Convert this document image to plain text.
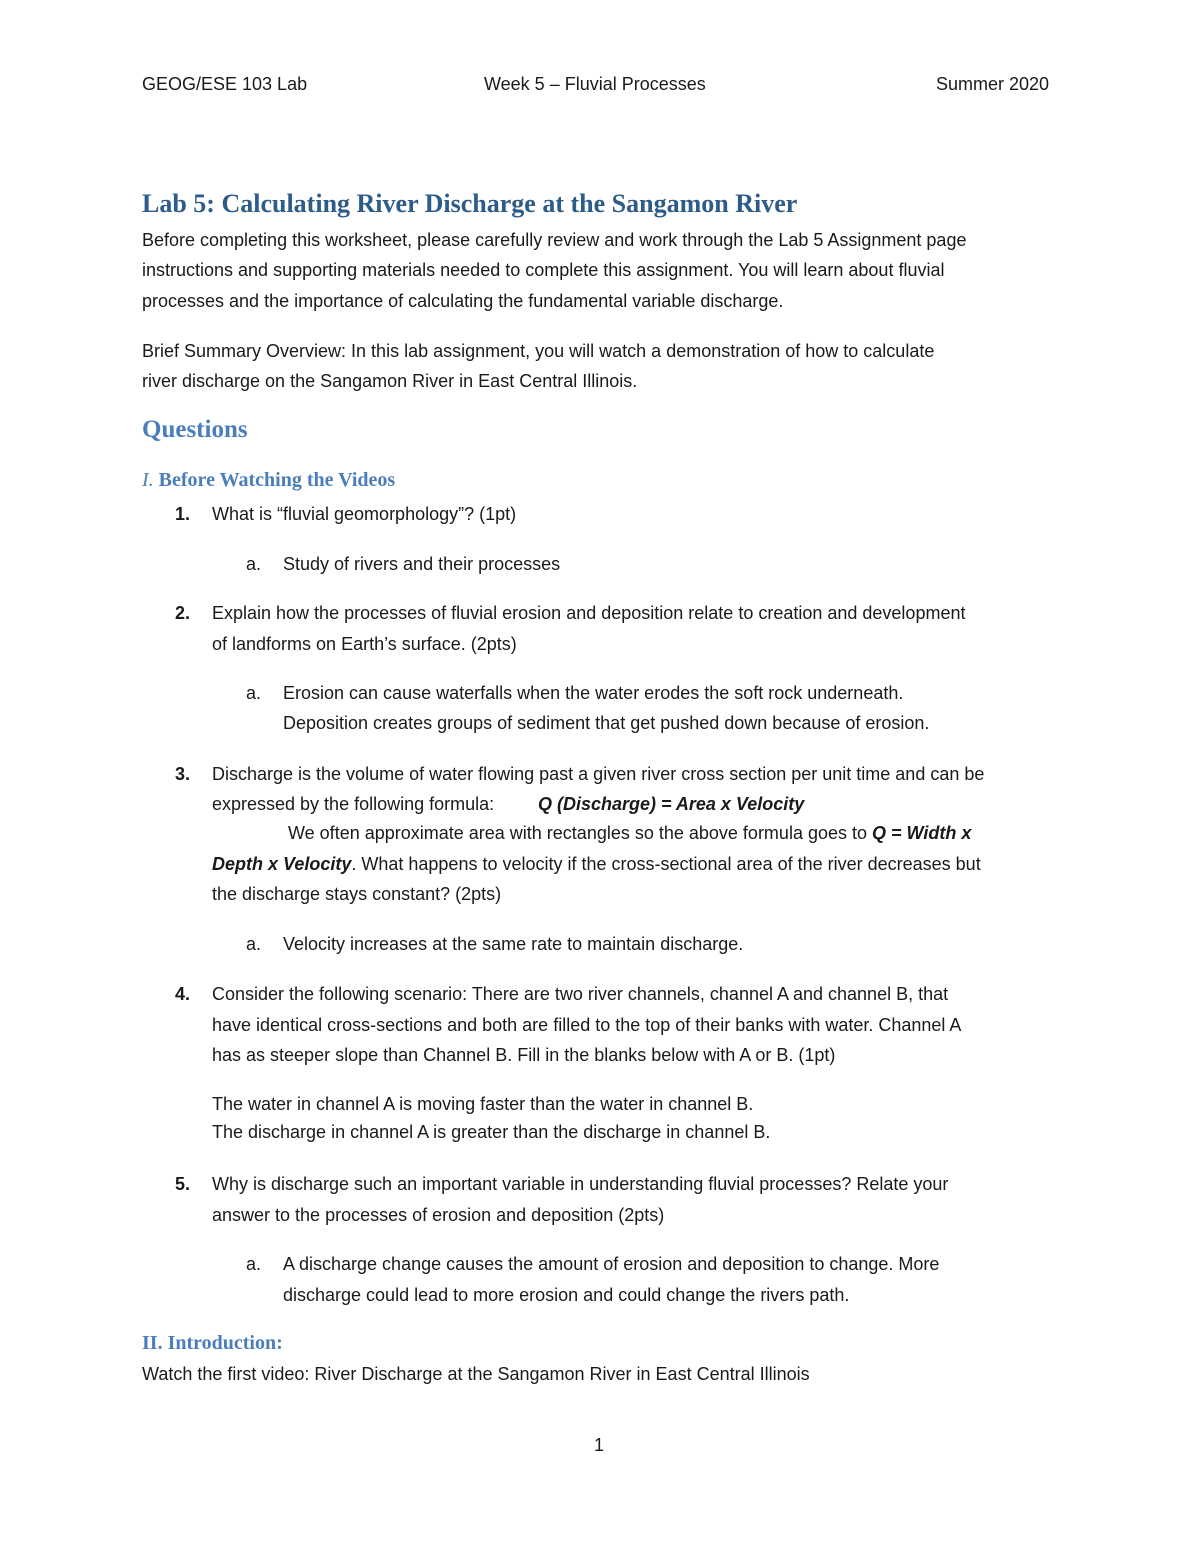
GEOG/ESE 103 Lab	Week 5 – Fluvial Processes	Summer 2020
Lab 5: Calculating River Discharge at the Sangamon River
Before completing this worksheet, please carefully review and work through the Lab 5 Assignment page
instructions and supporting materials needed to complete this assignment. You will learn about fluvial
processes and the importance of calculating the fundamental variable discharge.
Brief Summary Overview: In this lab assignment, you will watch a demonstration of how to calculate
river discharge on the Sangamon River in East Central Illinois.
Questions
I. Before Watching the Videos
1. What is “fluvial geomorphology”? (1pt)
a. Study of rivers and their processes
2. Explain how the processes of fluvial erosion and deposition relate to creation and development
of landforms on Earth’s surface. (2pts)
a. Erosion can cause waterfalls when the water erodes the soft rock underneath.
Deposition creates groups of sediment that get pushed down because of erosion.
3. Discharge is the volume of water flowing past a given river cross section per unit time and can be
expressed by the following formula: Q (Discharge) = Area x Velocity
We often approximate area with rectangles so the above formula goes to Q = Width x
Depth x Velocity. What happens to velocity if the cross-sectional area of the river decreases but
the discharge stays constant? (2pts)
a. Velocity increases at the same rate to maintain discharge.
4. Consider the following scenario: There are two river channels, channel A and channel B, that
have identical cross-sections and both are filled to the top of their banks with water. Channel A
has as steeper slope than Channel B. Fill in the blanks below with A or B. (1pt)
The water in channel A is moving faster than the water in channel B.
The discharge in channel A is greater than the discharge in channel B.
5. Why is discharge such an important variable in understanding fluvial processes? Relate your
answer to the processes of erosion and deposition (2pts)
a. A discharge change causes the amount of erosion and deposition to change. More
discharge could lead to more erosion and could change the rivers path.
II. Introduction:
Watch the first video: River Discharge at the Sangamon River in East Central Illinois
1
